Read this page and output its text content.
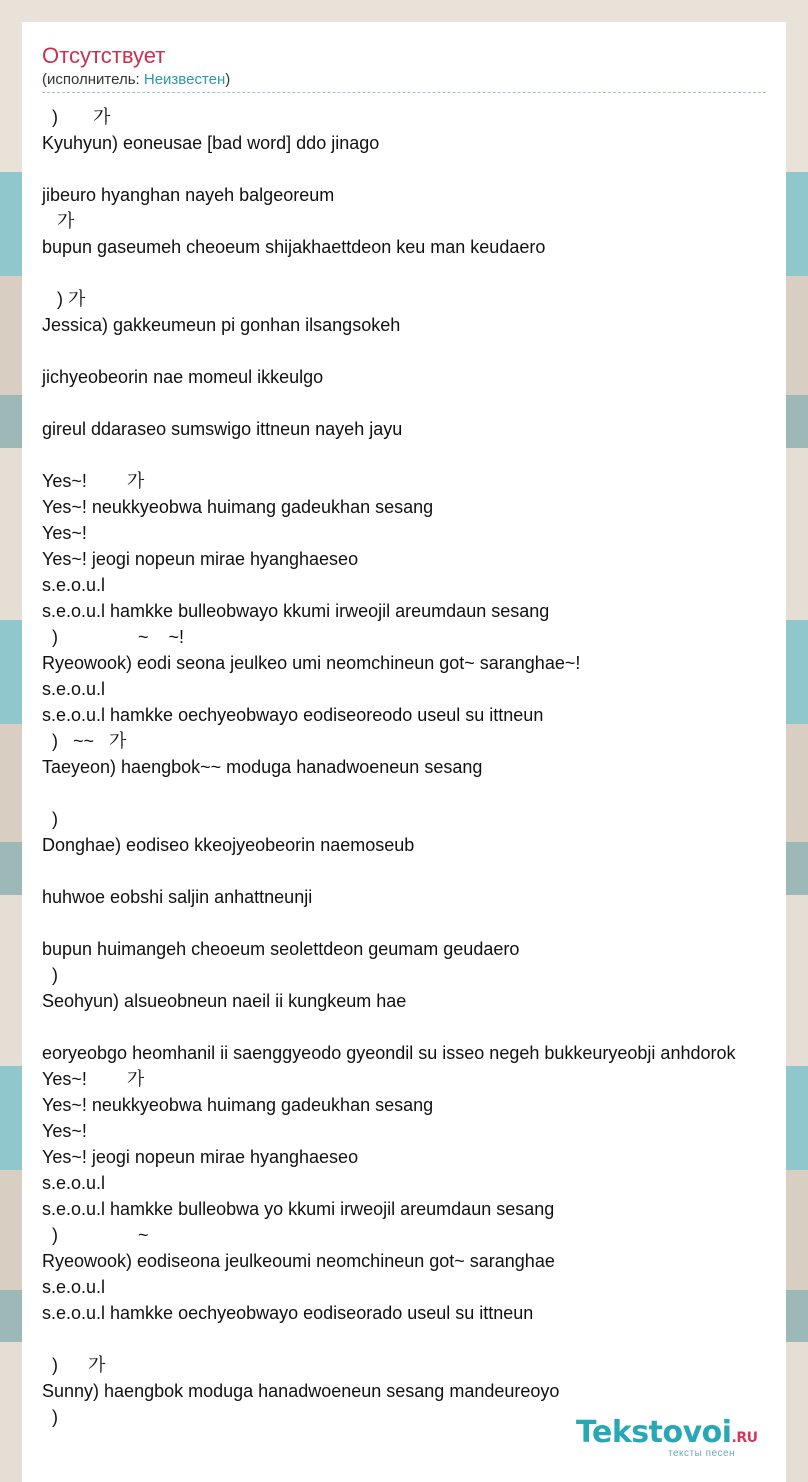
Отсутствует
(исполнитель: Неизвестен)
)       가
Kyuhyun) eoneusae [bad word] ddo jinago
jibeuro hyanghan nayeh balgeoreum
가
bupun gaseumeh cheoeum shijakhaettdeon keu man keudaero
) 가
Jessica) gakkeumeun pi gonhan ilsangsokeh
jichyeobeorin nae momeul ikkeulgo
gireul ddaraseo sumswigo ittneun nayeh jayu
Yes~!        가
Yes~! neukkyeobwa huimang gadeukhan sesang
Yes~!
Yes~! jeogi nopeun mirae hyanghaeseo
s.e.o.u.l
s.e.o.u.l hamkke bulleobwayo kkumi irweojil areumdaun sesang
)                ~    ~!
Ryeowook) eodi seona jeulkeo umi neomchineun got~ saranghae~!
s.e.o.u.l
s.e.o.u.l hamkke oechyeobwayo eodiseoreodo useul su ittneun
)   ~~   가
Taeyeon) haengbok~~ moduga hanadwoeneun sesang
)
Donghae) eodiseo kkeojyeobeorin naemoseub
huhwoe eobshi saljin anhattneunji
bupun huimangeh cheoeum seolettdeon geumam geudaero
)
Seohyun) alsueobneun naeil ii kungkeum hae
eoryeobgo heomhanil ii saenggyeodo gyeondil su isseo negeh bukkeuryeobji anhdorok
Yes~!        가
Yes~! neukkyeobwa huimang gadeukhan sesang
Yes~!
Yes~! jeogi nopeun mirae hyanghaeseo
s.e.o.u.l
s.e.o.u.l hamkke bulleobwa yo kkumi irweojil areumdaun sesang
)                ~
Ryeowook) eodiseona jeulkeoumi neomchineun got~ saranghae
s.e.o.u.l
s.e.o.u.l hamkke oechyeobwayo eodiseorado useul su ittneun
)      가
Sunny) haengbok moduga hanadwoeneun sesang mandeureoyo
)	Tekstovoi.RU
тексты песен
